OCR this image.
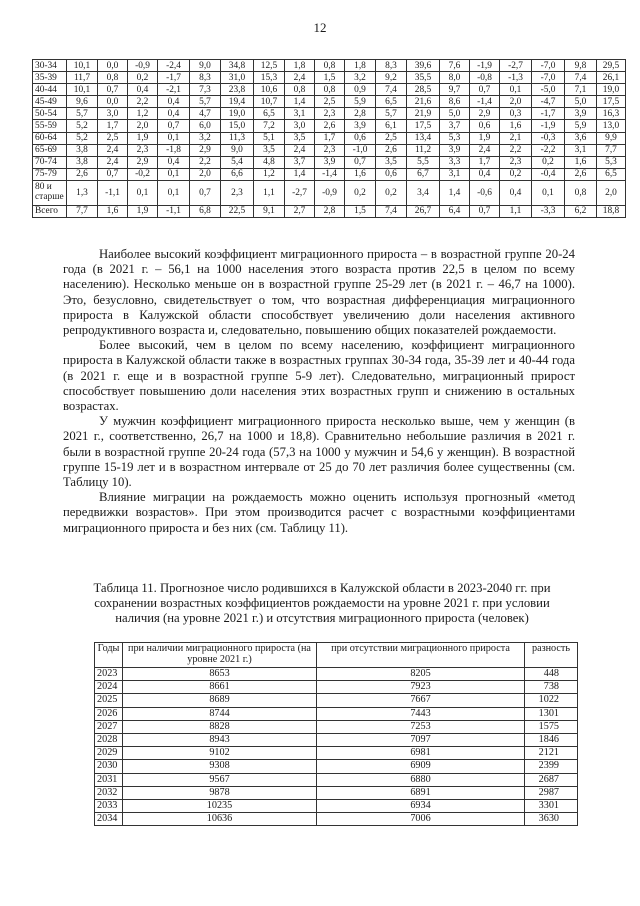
12
30-34	10,1	0,0	-0,9	-2,4	9,0	34,8	12,5	1,8	0,8	1,8	8,3	39,6	7,6	-1,9	-2,7	-7,0	9,8	29,5
35-39	11,7	0,8	0,2	-1,7	8,3	31,0	15,3	2,4	1,5	3,2	9,2	35,5	8,0	-0,8	-1,3	-7,0	7,4	26,1
40-44	10,1	0,7	0,4	-2,1	7,3	23,8	10,6	0,8	0,8	0,9	7,4	28,5	9,7	0,7	0,1	-5,0	7,1	19,0
45-49	9,6	0,0	2,2	0,4	5,7	19,4	10,7	1,4	2,5	5,9	6,5	21,6	8,6	-1,4	2,0	-4,7	5,0	17,5
50-54	5,7	3,0	1,2	0,4	4,7	19,0	6,5	3,1	2,3	2,8	5,7	21,9	5,0	2,9	0,3	-1,7	3,9	16,3
55-59	5,2	1,7	2,0	0,7	6,0	15,0	7,2	3,0	2,6	3,9	6,1	17,5	3,7	0,6	1,6	-1,9	5,9	13,0
60-64	5,2	2,5	1,9	0,1	3,2	11,3	5,1	3,5	1,7	0,6	2,5	13,4	5,3	1,9	2,1	-0,3	3,6	9,9
65-69	3,8	2,4	2,3	-1,8	2,9	9,0	3,5	2,4	2,3	-1,0	2,6	11,2	3,9	2,4	2,2	-2,2	3,1	7,7
70-74	3,8	2,4	2,9	0,4	2,2	5,4	4,8	3,7	3,9	0,7	3,5	5,5	3,3	1,7	2,3	0,2	1,6	5,3
75-79	2,6	0,7	-0,2	0,1	2,0	6,6	1,2	1,4	-1,4	1,6	0,6	6,7	3,1	0,4	0,2	-0,4	2,6	6,5
80 и старше	1,3	-1,1	0,1	0,1	0,7	2,3	1,1	-2,7	-0,9	0,2	0,2	3,4	1,4	-0,6	0,4	0,1	0,8	2,0
Всего	7,7	1,6	1,9	-1,1	6,8	22,5	9,1	2,7	2,8	1,5	7,4	26,7	6,4	0,7	1,1	-3,3	6,2	18,8

Наиболее высокий коэффициент миграционного прироста – в возрастной группе 20-24 года (в 2021 г. – 56,1 на 1000 населения этого возраста против 22,5 в целом по всему населению). Несколько меньше он в возрастной группе 25-29 лет (в 2021 г. – 46,7 на 1000). Это, безусловно, свидетельствует о том, что возрастная дифференциация миграционного прироста в Калужской области способствует увеличению доли населения активного репродуктивного возраста и, следовательно, повышению общих показателей рождаемости.

Более высокий, чем в целом по всему населению, коэффициент миграционного прироста в Калужской области также в возрастных группах 30-34 года, 35-39 лет и 40-44 года (в 2021 г. еще и в возрастной группе 5-9 лет). Следовательно, миграционный прирост способствует повышению доли населения этих возрастных групп и снижению в остальных возрастах.

У мужчин коэффициент миграционного прироста несколько выше, чем у женщин (в 2021 г., соответственно, 26,7 на 1000 и 18,8). Сравнительно небольшие различия в 2021 г. были в возрастной группе 20-24 года (57,3 на 1000 у мужчин и 54,6 у женщин). В возрастной группе 15-19 лет и в возрастном интервале от 25 до 70 лет различия более существенны (см. Таблицу 10).

Влияние миграции на рождаемость можно оценить используя прогнозный «метод передвижки возрастов». При этом производится расчет с возрастными коэффициентами миграционного прироста и без них (см. Таблицу 11).

Таблица 11. Прогнозное число родившихся в Калужской области в 2023-2040 гг. при сохранении возрастных коэффициентов рождаемости на уровне 2021 г. при условии наличия (на уровне 2021 г.) и отсутствия миграционного прироста (человек)
Годы	при наличии миграционного прироста (на уровне 2021 г.)	при отсутствии миграционного прироста	разность
2023	8653	8205	448
2024	8661	7923	738
2025	8689	7667	1022
2026	8744	7443	1301
2027	8828	7253	1575
2028	8943	7097	1846
2029	9102	6981	2121
2030	9308	6909	2399
2031	9567	6880	2687
2032	9878	6891	2987
2033	10235	6934	3301
2034	10636	7006	3630
